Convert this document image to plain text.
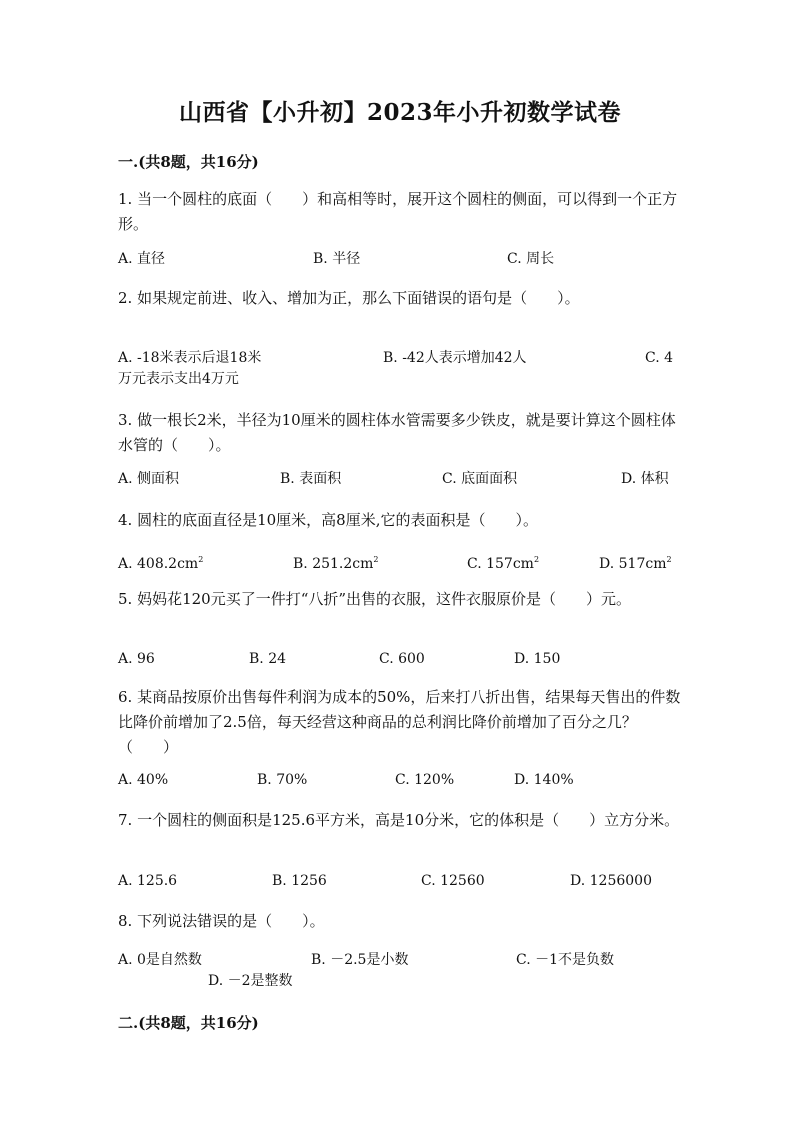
山西省【小升初】2023年小升初数学试卷
一.(共8题，共16分)
1. 当一个圆柱的底面（　　）和高相等时，展开这个圆柱的侧面，可以得到一个正方形。
A. 直径	B. 半径	C. 周长
2. 如果规定前进、收入、增加为正，那么下面错误的语句是（　　）。
A. -18米表示后退18米	B. -42人表示增加42人	C. 4
万元表示支出4万元
3. 做一根长2米，半径为10厘米的圆柱体水管需要多少铁皮，就是要计算这个圆柱体水管的（　　）。
A. 侧面积	B. 表面积	C. 底面面积	D. 体积
4. 圆柱的底面直径是10厘米，高8厘米,它的表面积是（　　）。
A. $408.2cm^2$	B. $251.2cm^2$	C. $157cm^2$	D. $517cm^2$
5. 妈妈花120元买了一件打“八折”出售的衣服，这件衣服原价是（　　）元。
A. 96	B. 24	C. 600	D. 150
6. 某商品按原价出售每件利润为成本的50%，后来打八折出售，结果每天售出的件数比降价前增加了2.5倍，每天经营这种商品的总利润比降价前增加了百分之几？（　　）
A. 40%	B. 70%	C. 120%	D. 140%
7. 一个圆柱的侧面积是125.6平方米，高是10分米，它的体积是（　　）立方分米。
A. 125.6	B. 1256	C. 12560	D. 1256000
8. 下列说法错误的是（　　）。
A. 0是自然数	B. －2.5是小数	C. －1不是负数
D. －2是整数
二.(共8题，共16分)
